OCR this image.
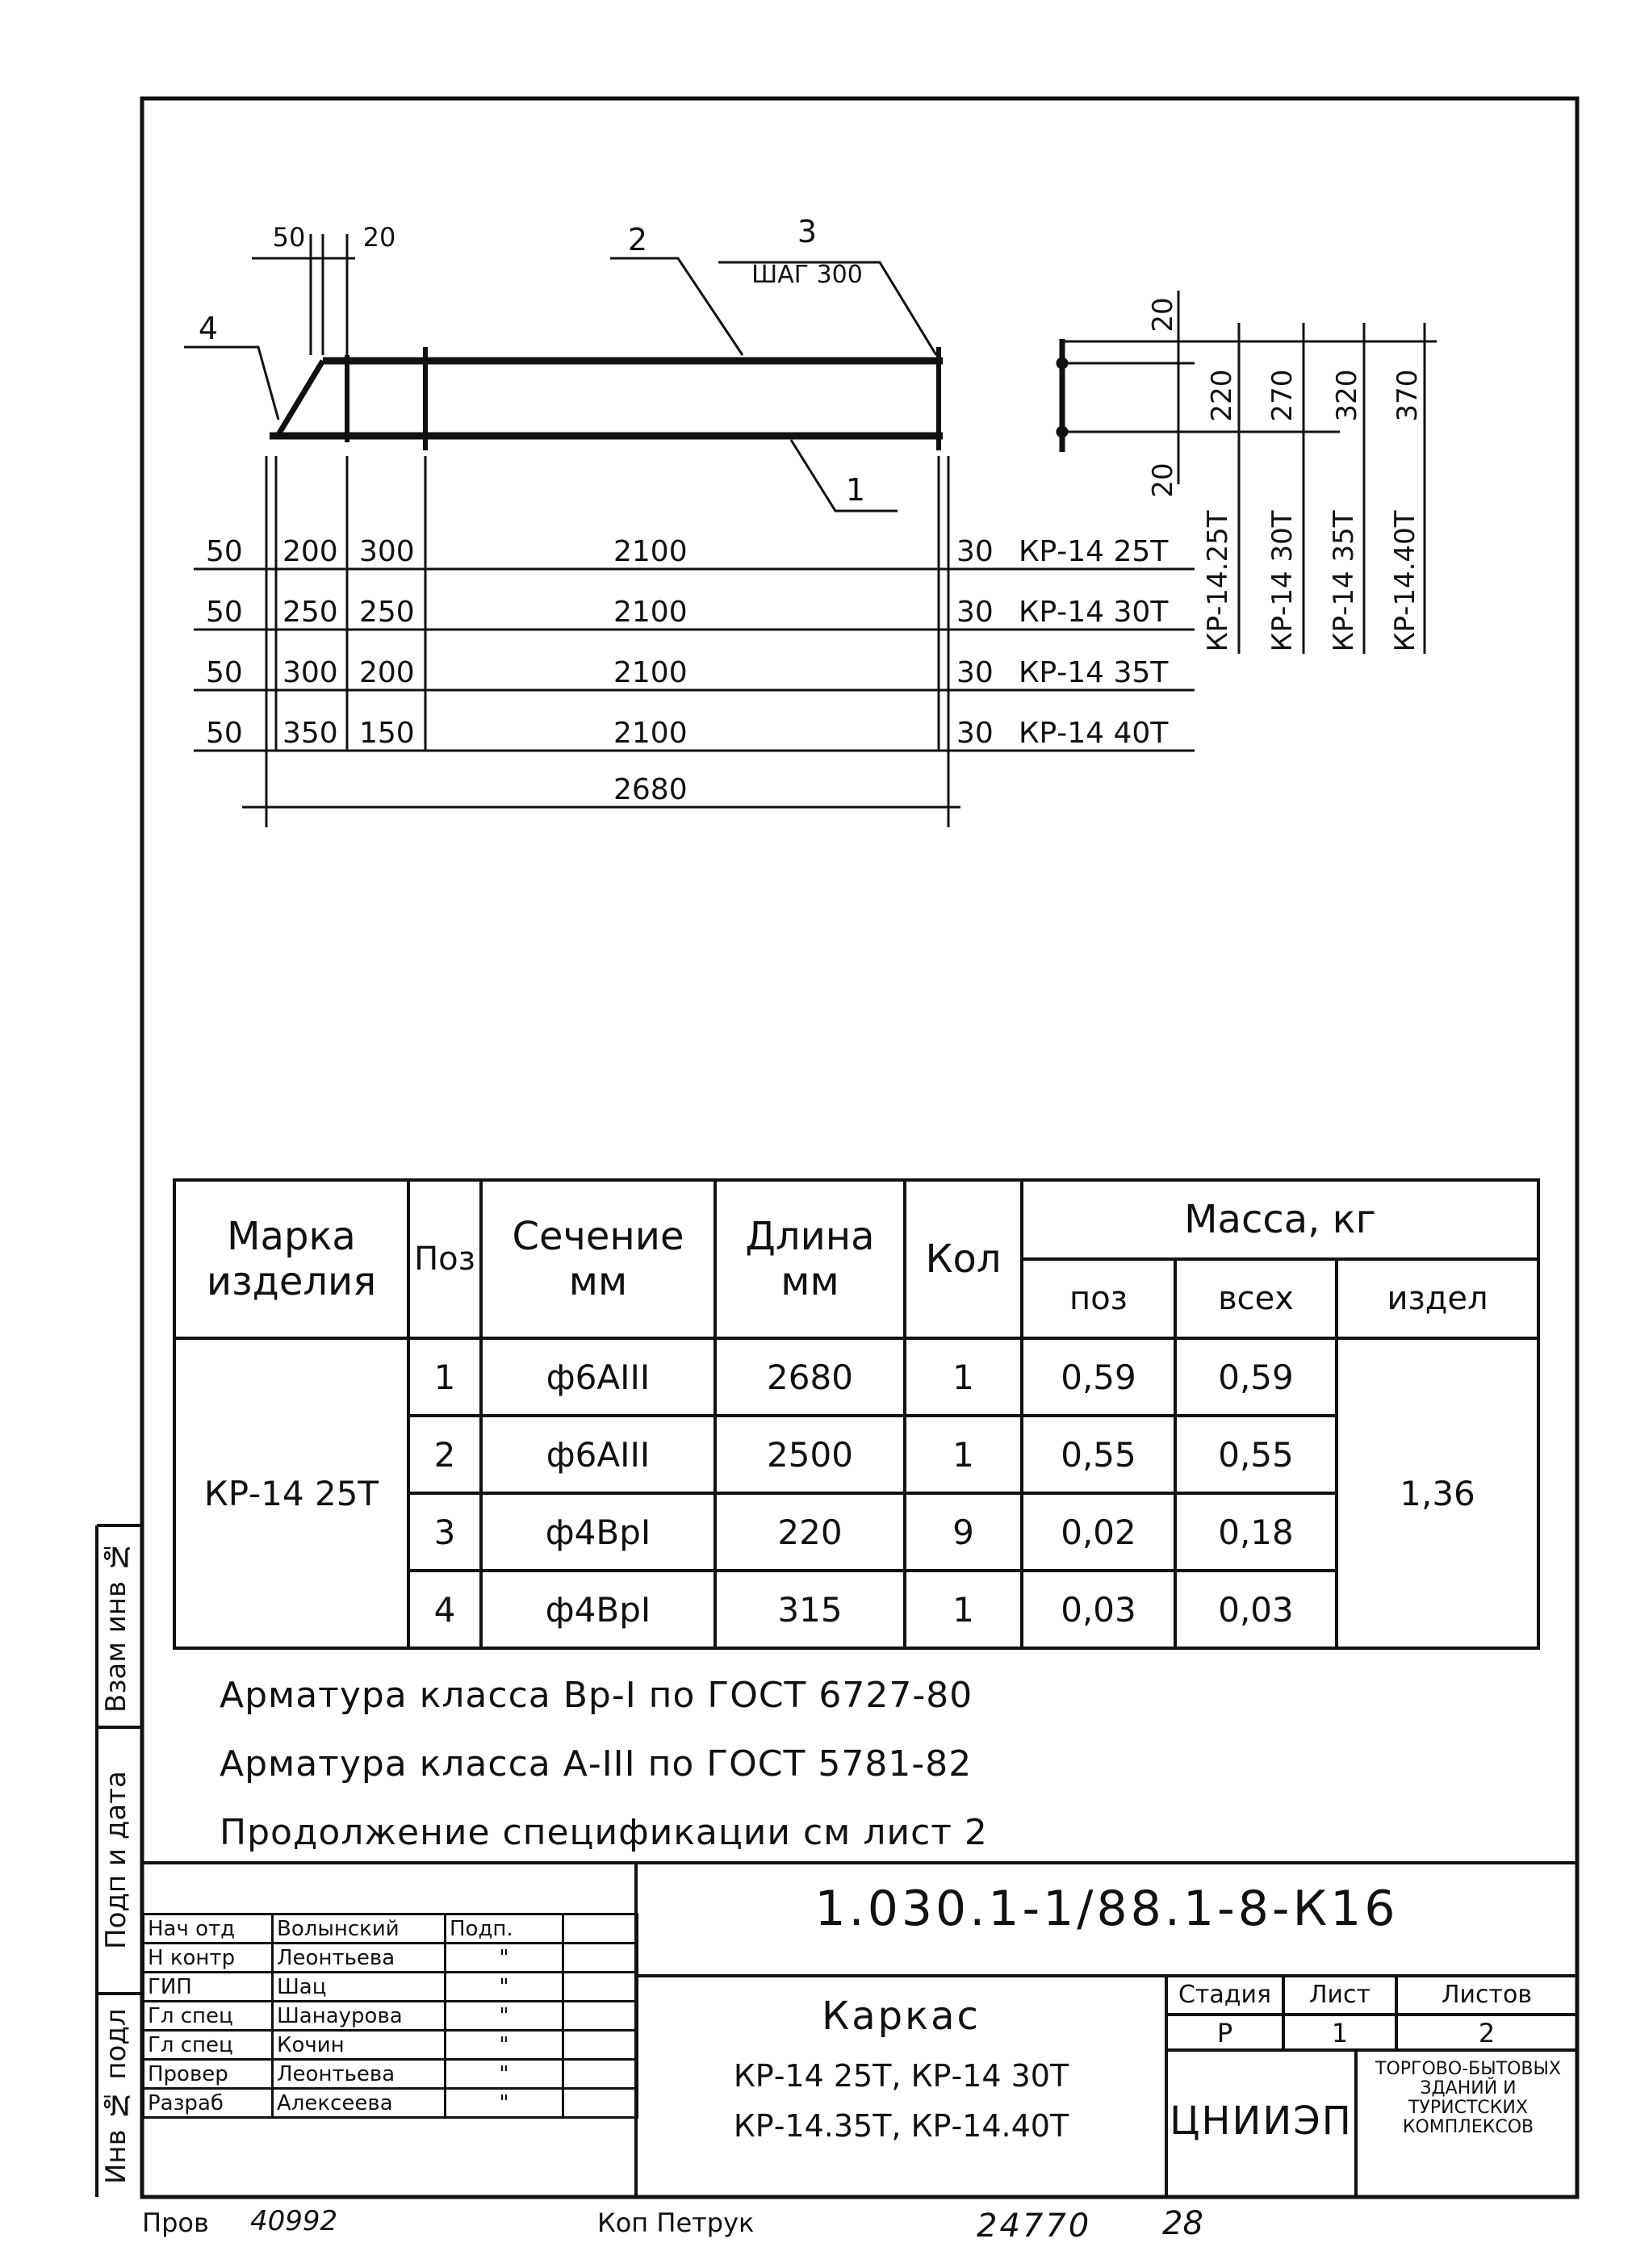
4
2	3
1
ШАГ 300
50 20
50 200 300	2100	30 КР-14 25Т
50 250 250	2100	30 КР-14 30Т
50 300 200	2100	30 КР-14 35Т
50 350 150	2100	30 КР-14 40Т
2680
20
220 270 320 370
20
КР-14.25Т КР-14 30Т КР-14 35Т КР-14.40Т
Марка изделия	Поз	Сечение мм	Длина мм	Кол	Масса, кг		
					поз	всех	издел
КР-14 25Т	1	ф6АIII	2680	1	0,59	0,59	1,36
	2	ф6АIII	2500	1	0,55	0,55	
	3	ф4ВрI	220	9	0,02	0,18	
	4	ф4ВрI	315	1	0,03	0,03	
Арматура класса Вр-I по ГОСТ 6727-80
Арматура класса А-III по ГОСТ 5781-82
Продолжение спецификации см лист 2
Взам инв №
Подп и дата
Инв № подл
Нач отд	Волынский	Подп.	
Н контр	Леонтьева	"	
ГИП	Шац	"	
Гл спец	Шанаурова	"	
Гл спец	Кочин	"	
Провер	Леонтьева	"	
Разраб	Алексеева	"	
1.030.1-1/88.1-8-К16
Каркас
КР-14 25Т, КР-14 30Т
КР-14.35Т, КР-14.40Т
Стадия	Лист	Листов
Р	1	2
ЦНИИЭП
ТОРГОВО-БЫТОВЫХ ЗДАНИЙ И ТУРИСТСКИХ КОМПЛЕКСОВ
Пров 40992	Коп Петрук	24770 28
